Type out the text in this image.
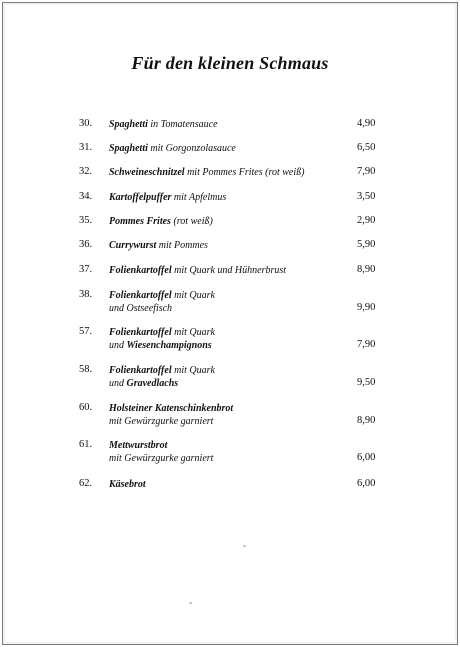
Für den kleinen Schmaus
30. Spaghetti in Tomatensauce	4,90
31. Spaghetti mit Gorgonzolasauce	6,50
32. Schweineschnitzel mit Pommes Frites (rot weiß)	7,90
34. Kartoffelpuffer mit Apfelmus	3,50
35. Pommes Frites (rot weiß)	2,90
36. Currywurst mit Pommes	5,90
37. Folienkartoffel mit Quark und Hühnerbrust	8,90
38. Folienkartoffel mit Quark
und Ostseefisch	9,90
57. Folienkartoffel mit Quark
und Wiesenchampignons	7,90
58. Folienkartoffel mit Quark
und Gravedlachs	9,50
60. Holsteiner Katenschinkenbrot
mit Gewürzgurke garniert	8,90
61. Mettwurstbrot
mit Gewürzgurke garniert	6,00
62. Käsebrot	6,00
